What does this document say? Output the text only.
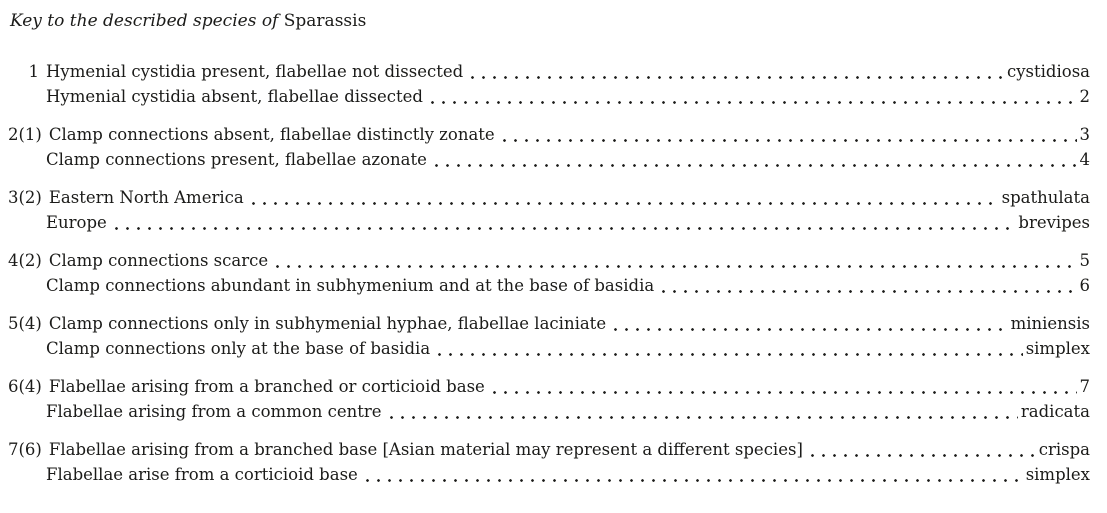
Key to the described species of Sparassis
1 Hymenial cystidia present, flabellae not dissected	cystidiosa
Hymenial cystidia absent, flabellae dissected	2
2(1) Clamp connections absent, flabellae distinctly zonate	3
Clamp connections present, flabellae azonate	4
3(2) Eastern North America	spathulata
Europe	brevipes
4(2) Clamp connections scarce	5
Clamp connections abundant in subhymenium and at the base of basidia	6
5(4) Clamp connections only in subhymenial hyphae, flabellae laciniate	miniensis
Clamp connections only at the base of basidia	simplex
6(4) Flabellae arising from a branched or corticioid base	7
Flabellae arising from a common centre	radicata
7(6) Flabellae arising from a branched base [Asian material may represent a different species]	crispa
Flabellae arise from a corticioid base	simplex
